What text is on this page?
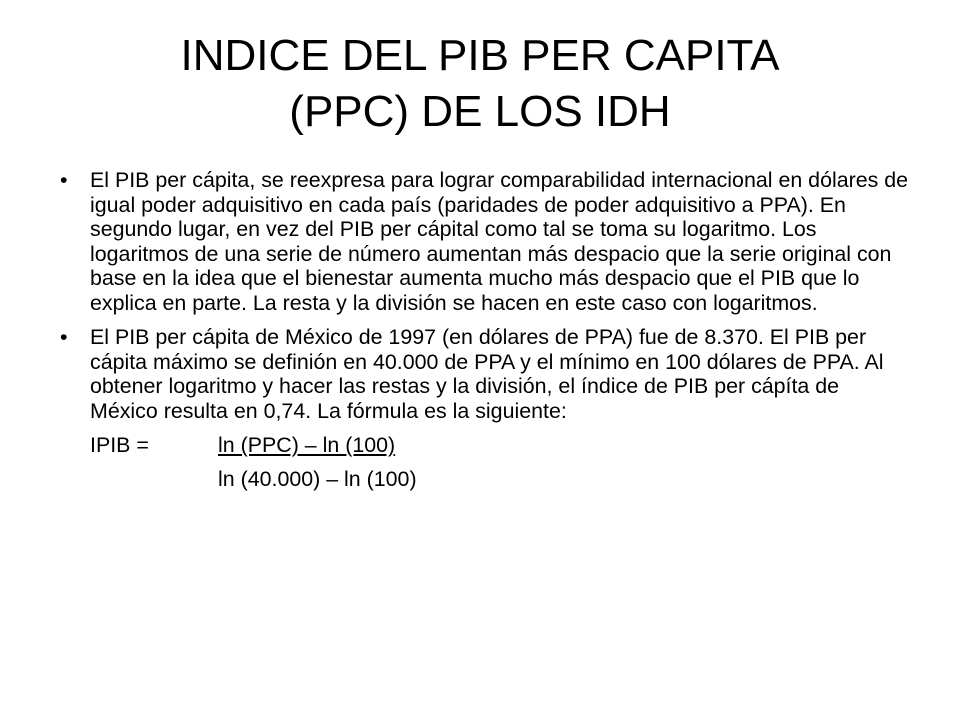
INDICE DEL PIB PER CAPITA
(PPC) DE LOS IDH
• El PIB per cápita, se reexpresa para lograr comparabilidad internacional en dólares de igual poder adquisitivo en cada país (paridades de poder adquisitivo a PPA). En segundo lugar, en vez del PIB per cápital como tal se toma su logaritmo. Los logaritmos de una serie de número aumentan más despacio que la serie original con base en la idea que el bienestar aumenta mucho más despacio que el PIB que lo explica en parte. La resta y la división se hacen en este caso con logaritmos.
• El PIB per cápita de México de 1997 (en dólares de PPA) fue de 8.370. El PIB per cápita máximo se definión en 40.000 de PPA y el mínimo en 100 dólares de PPA. Al obtener logaritmo y hacer las restas y la división, el índice de PIB per cápíta de México resulta en 0,74. La fórmula es la siguiente:
IPIB =	ln (PPC) – ln (100)
ln (40.000) – ln (100)
